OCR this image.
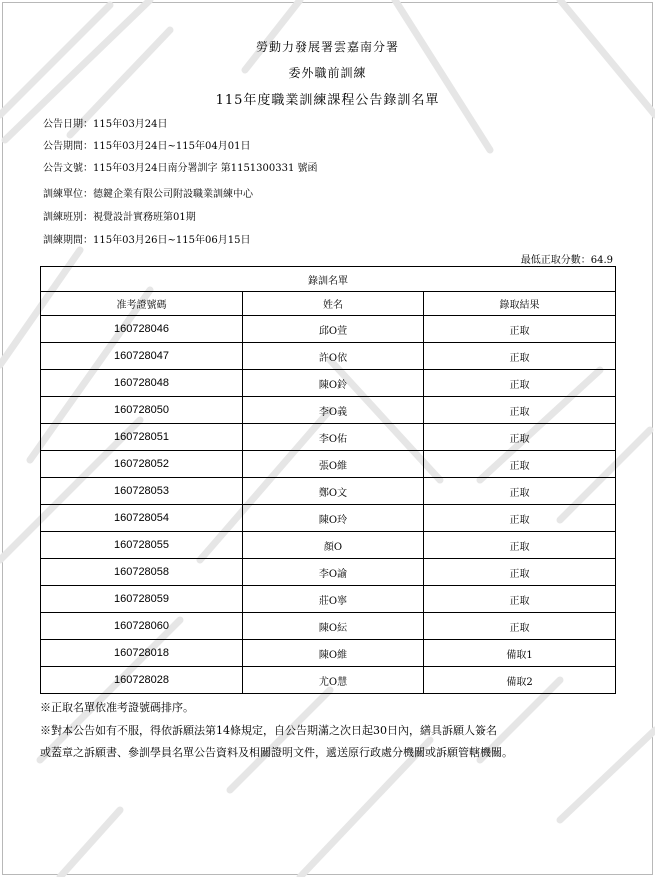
勞動力發展署雲嘉南分署
委外職前訓練
115年度職業訓練課程公告錄訓名單
公告日期：115年03月24日
公告期間：115年03月24日~115年04月01日
公告文號：115年03月24日南分署訓字 第1151300331 號函
訓練單位：德鍵企業有限公司附設職業訓練中心
訓練班別：視覺設計實務班第01期
訓練期間：115年03月26日~115年06月15日
最低正取分數：64.9
錄訓名單		
准考證號碼	姓名	錄取結果
160728046	邱O萱	正取
160728047	許O依	正取
160728048	陳O鈴	正取
160728050	李O義	正取
160728051	李O佑	正取
160728052	張O維	正取
160728053	鄭O文	正取
160728054	陳O玲	正取
160728055	顏O	正取
160728058	李O諭	正取
160728059	莊O寧	正取
160728060	陳O紜	正取
160728018	陳O維	備取1
160728028	尤O慧	備取2
※正取名單依准考證號碼排序。
※對本公告如有不服，得依訴願法第14條規定，自公告期滿之次日起30日內，繕具訴願人簽名
或蓋章之訴願書、參訓學員名單公告資料及相關證明文件，遞送原行政處分機關或訴願管轄機關。
